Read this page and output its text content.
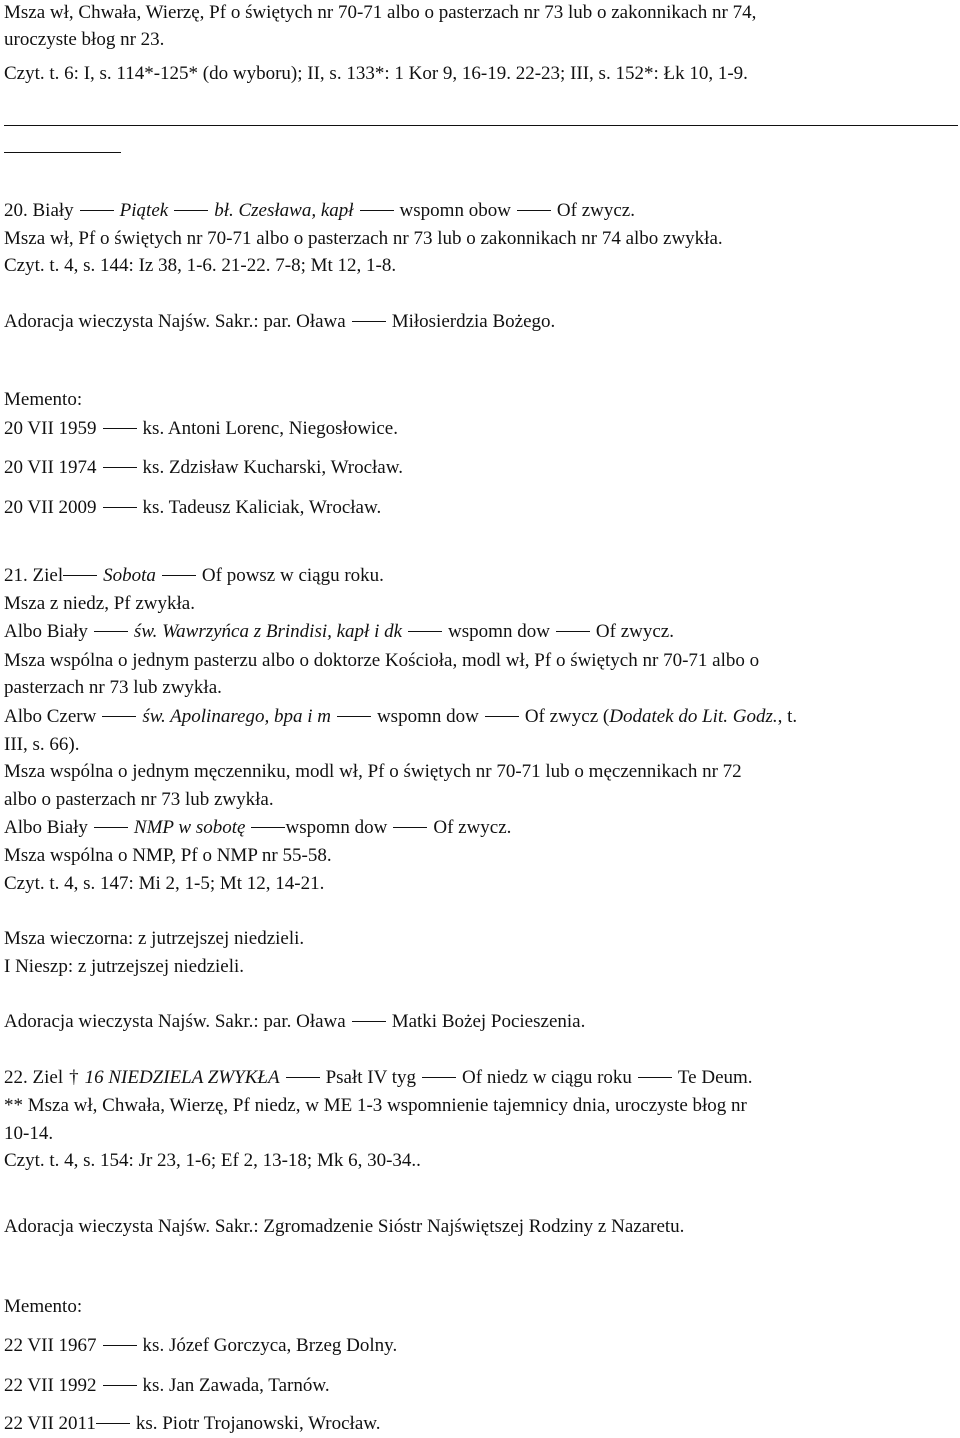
Msza wł, Chwała, Wierzę, Pf o świętych nr 70-71 albo o pasterzach nr 73 lub o zakonnikach nr 74,
uroczyste błog nr 23.
Czyt. t. 6: I, s. 114*-125* (do wyboru); II, s. 133*: 1 Kor 9, 16-19. 22-23; III, s. 152*: Łk 10, 1-9.
20. Biały Piątek bł. Czesława, kapł wspomn obow Of zwycz.
Msza wł, Pf o świętych nr 70-71 albo o pasterzach nr 73 lub o zakonnikach nr 74 albo zwykła.
Czyt. t. 4, s. 144: Iz 38, 1-6. 21-22. 7-8; Mt 12, 1-8.
Adoracja wieczysta Najśw. Sakr.: par. Oława Miłosierdzia Bożego.
Memento:
20 VII 1959 ks. Antoni Lorenc, Niegosłowice.
20 VII 1974 ks. Zdzisław Kucharski, Wrocław.
20 VII 2009 ks. Tadeusz Kaliciak, Wrocław.
21. Ziel Sobota Of powsz w ciągu roku.
Msza z niedz, Pf zwykła.
Albo Biały św. Wawrzyńca z Brindisi, kapł i dk wspomn dow Of zwycz.
Msza wspólna o jednym pasterzu albo o doktorze Kościoła, modl wł, Pf o świętych nr 70-71 albo o
pasterzach nr 73 lub zwykła.
Albo Czerw św. Apolinarego, bpa i m wspomn dow Of zwycz (Dodatek do Lit. Godz., t.
III, s. 66).
Msza wspólna o jednym męczenniku, modl wł, Pf o świętych nr 70-71 lub o męczennikach nr 72
albo o pasterzach nr 73 lub zwykła.
Albo Biały NMP w sobotę wspomn dow Of zwycz.
Msza wspólna o NMP, Pf o NMP nr 55-58.
Czyt. t. 4, s. 147: Mi 2, 1-5; Mt 12, 14-21.
Msza wieczorna: z jutrzejszej niedzieli.
I Nieszp: z jutrzejszej niedzieli.
Adoracja wieczysta Najśw. Sakr.: par. Oława Matki Bożej Pocieszenia.
22. Ziel † 16 NIEDZIELA ZWYKŁA Psałt IV tyg Of niedz w ciągu roku Te Deum.
** Msza wł, Chwała, Wierzę, Pf niedz, w ME 1-3 wspomnienie tajemnicy dnia, uroczyste błog nr
10-14.
Czyt. t. 4, s. 154: Jr 23, 1-6; Ef 2, 13-18; Mk 6, 30-34..
Adoracja wieczysta Najśw. Sakr.: Zgromadzenie Sióstr Najświętszej Rodziny z Nazaretu.
Memento:
22 VII 1967 ks. Józef Gorczyca, Brzeg Dolny.
22 VII 1992 ks. Jan Zawada, Tarnów.
22 VII 2011 ks. Piotr Trojanowski, Wrocław.
